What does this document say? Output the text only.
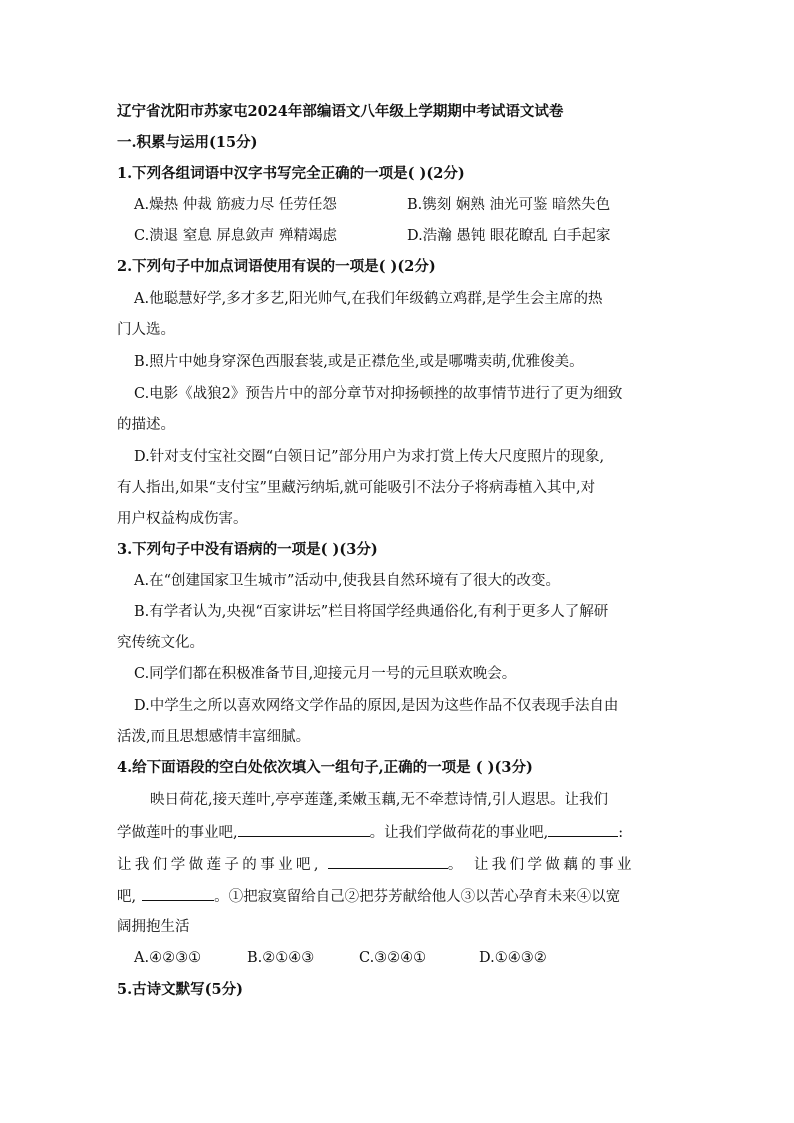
辽宁省沈阳市苏家屯2024年部编语文八年级上学期期中考试语文试卷
一.积累与运用(15分)
1.下列各组词语中汉字书写完全正确的一项是( )(2分)
A.燥热 仲裁 筋疲力尽 任劳任怨	B.镌刻 娴熟 油光可鉴 暗然失色
C.溃退 窒息 屏息敛声 殚精竭虑	D.浩瀚 愚钝 眼花瞭乱 白手起家
2.下列句子中加点词语使用有误的一项是( )(2分)
A.他聪慧好学,多才多艺,阳光帅气,在我们年级鹤立鸡群,是学生会主席的热
门人选。
B.照片中她身穿深色西服套装,或是正襟危坐,或是哪嘴卖萌,优雅俊美。
C.电影《战狼2》预告片中的部分章节对抑扬顿挫的故事情节进行了更为细致
的描述。
D.针对支付宝社交圈“白领日记”部分用户为求打赏上传大尺度照片的现象,
有人指出,如果“支付宝”里藏污纳垢,就可能吸引不法分子将病毒植入其中,对
用户权益构成伤害。
3.下列句子中没有语病的一项是( )(3分)
A.在“创建国家卫生城市”活动中,使我县自然环境有了很大的改变。
B.有学者认为,央视“百家讲坛”栏目将国学经典通俗化,有利于更多人了解研
究传统文化。
C.同学们都在积极准备节目,迎接元月一号的元旦联欢晚会。
D.中学生之所以喜欢网络文学作品的原因,是因为这些作品不仅表现手法自由
活泼,而且思想感情丰富细腻。
4.给下面语段的空白处依次填入一组句子,正确的一项是 ( )(3分)
映日荷花,接天莲叶,亭亭莲蓬,柔嫩玉藕,无不牵惹诗情,引人遐思。让我们
学做莲叶的事业吧,	。让我们学做荷花的事业吧,	:
让我们学做莲子的事业吧,	。 让我们学做藕的事业
吧,	。①把寂寞留给自己②把芬芳献给他人③以苦心孕育未来④以宽
阔拥抱生活
A.④②③①	B.②①④③	C.③②④①	D.①④③②
5.古诗文默写(5分)
